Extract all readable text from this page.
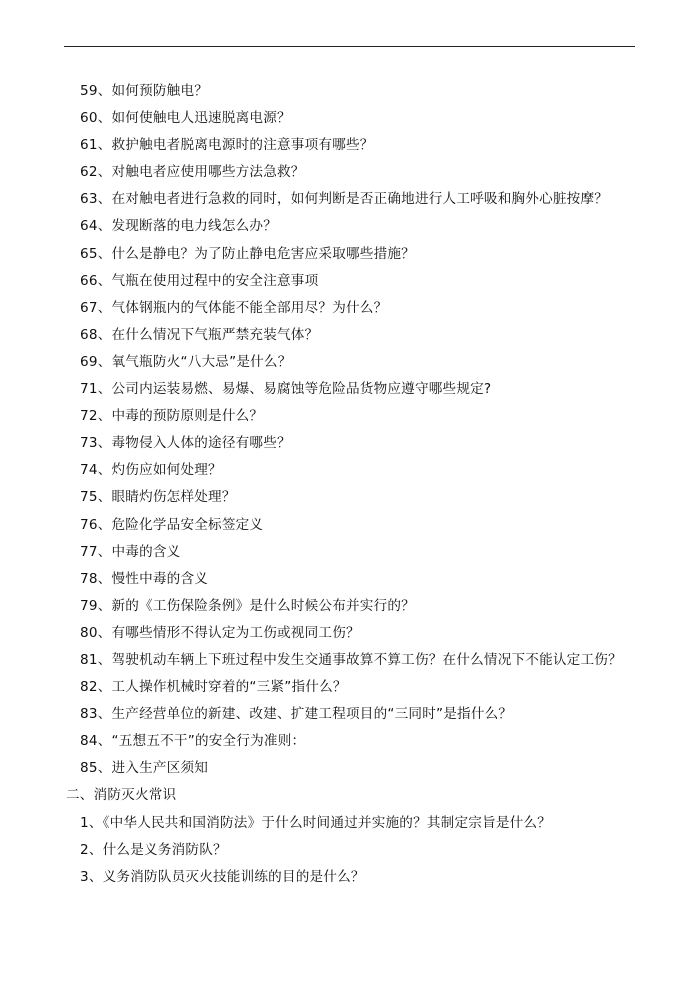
59、如何预防触电？
60、如何使触电人迅速脱离电源？
61、救护触电者脱离电源时的注意事项有哪些？
62、对触电者应使用哪些方法急救？
63、在对触电者进行急救的同时，如何判断是否正确地进行人工呼吸和胸外心脏按摩？
64、发现断落的电力线怎么办？
65、什么是静电？为了防止静电危害应采取哪些措施？
66、气瓶在使用过程中的安全注意事项
67、气体钢瓶内的气体能不能全部用尽？为什么？
68、在什么情况下气瓶严禁充装气体？
69、氧气瓶防火“八大忌”是什么？
71、公司内运装易燃、易爆、易腐蚀等危险品货物应遵守哪些规定?
72、中毒的预防原则是什么？
73、毒物侵入人体的途径有哪些？
74、灼伤应如何处理？
75、眼睛灼伤怎样处理？
76、危险化学品安全标签定义
77、中毒的含义
78、慢性中毒的含义
79、新的《工伤保险条例》是什么时候公布并实行的？
80、有哪些情形不得认定为工伤或视同工伤？
81、驾驶机动车辆上下班过程中发生交通事故算不算工伤？在什么情况下不能认定工伤？
82、工人操作机械时穿着的“三紧”指什么？
83、生产经营单位的新建、改建、扩建工程项目的“三同时”是指什么？
84、“五想五不干”的安全行为准则：
85、进入生产区须知
二、消防灭火常识
1、《中华人民共和国消防法》于什么时间通过并实施的？其制定宗旨是什么？
2、什么是义务消防队？
3、义务消防队员灭火技能训练的目的是什么？
